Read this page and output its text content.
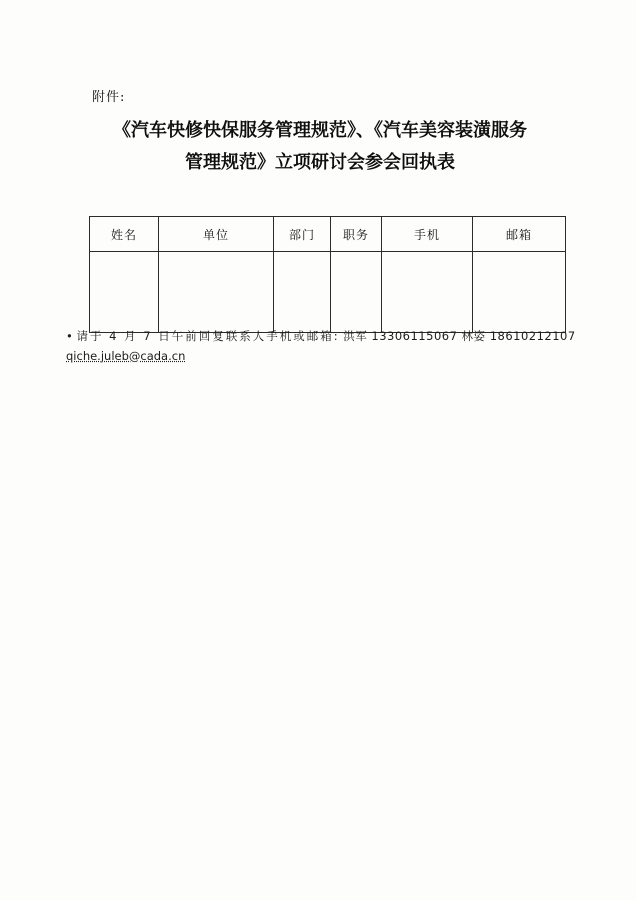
附件:
《汽车快修快保服务管理规范》、《汽车美容装潢服务
管理规范》立项研讨会参会回执表
姓名	单位	部门	职务	手机	邮箱

• 请于 4 月 7 日午前回复联系人手机或邮箱: 洪军 13306115067 林姿 18610212107
qiche.juleb@cada.cn
